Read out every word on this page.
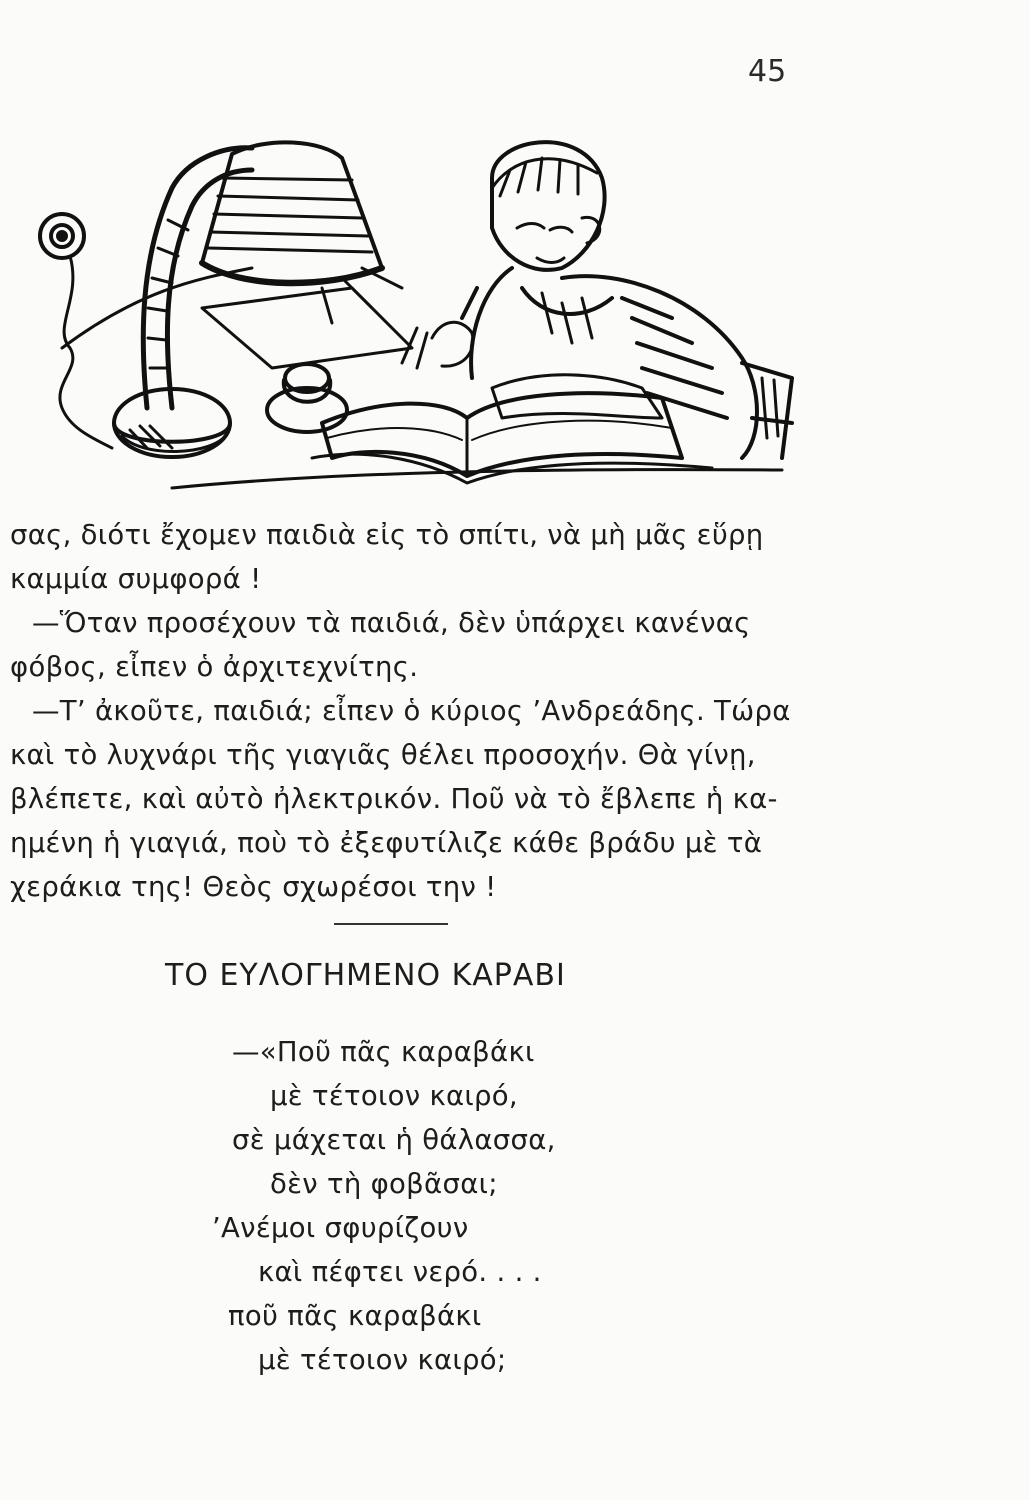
45

σας, διότι ἔχομεν παιδιὰ εἰς τὸ σπίτι, νὰ μὴ μᾶς εὕρῃ

καμμία συμφορά !

—Ὅταν προσέχουν τὰ παιδιά, δὲν ὑπάρχει κανένας

φόβος, εἶπεν ὁ ἀρχιτεχνίτης.

—Τ’ ἀκοῦτε, παιδιά; εἶπεν ὁ κύριος ’Ανδρεάδης. Τώρα

καὶ τὸ λυχνάρι τῆς γιαγιᾶς θέλει προσοχήν. Θὰ γίνῃ,

βλέπετε, καὶ αὐτὸ ἠλεκτρικόν. Ποῦ νὰ τὸ ἔβλεπε ἡ κα-

ημένη ἡ γιαγιά, ποὺ τὸ ἐξεφυτίλιζε κάθε βράδυ μὲ τὰ

χεράκια της! Θεὸς σχωρέσοι την !

ΤΟ ΕΥΛΟΓΗΜΕΝΟ ΚΑΡΑΒΙ
—«Ποῦ πᾶς καραβάκι
μὲ τέτοιον καιρό,
σὲ μάχεται ἡ θάλασσα,
δὲν τὴ φοβᾶσαι;
’Ανέμοι σφυρίζουν
καὶ πέφτει νερό. . . .
ποῦ πᾶς καραβάκι
μὲ τέτοιον καιρό;
